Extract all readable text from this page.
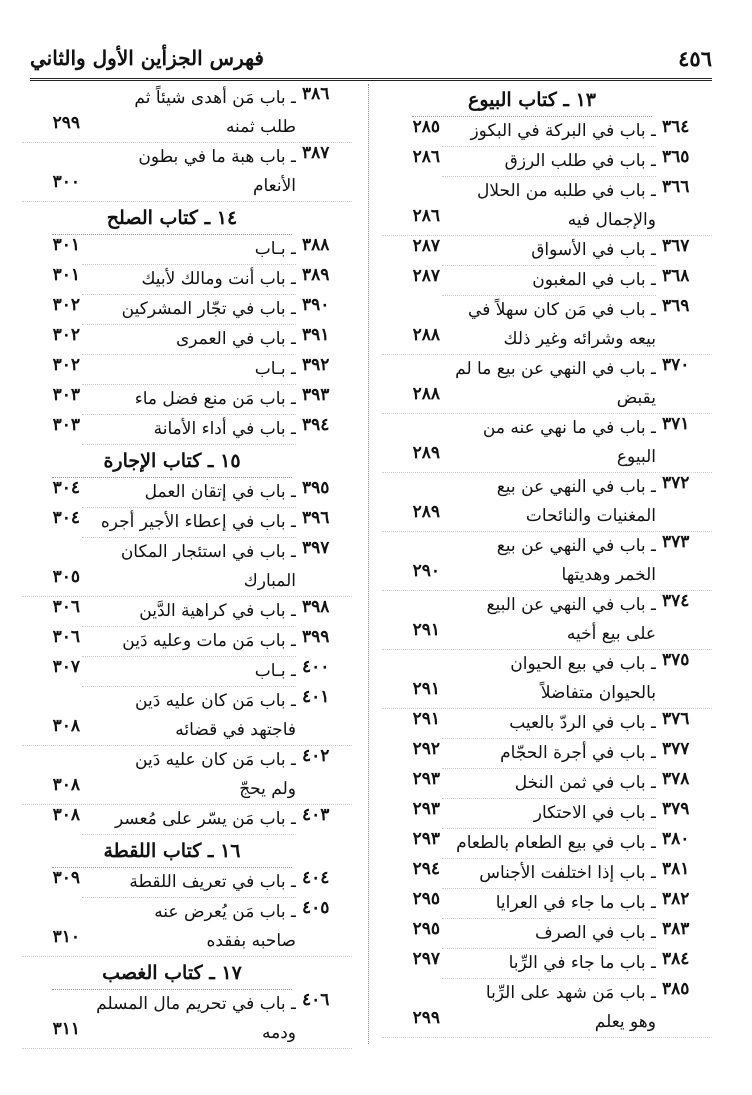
٤٥٦
فهرس الجزأين الأول والثاني
١٣ ـ كتاب البيوع
٣٦٤
ـ باب في البركة في البكوز
٢٨٥
٣٦٥
ـ باب في طلب الرزق
٢٨٦
٣٦٦
ـ باب في طلبه من الحلال
والإجمال فيه
٢٨٦
٣٦٧
ـ باب في الأسواق
٢٨٧
٣٦٨
ـ باب في المغبون
٢٨٧
٣٦٩
ـ باب في مَن كان سهلاً في
بيعه وشرائه وغير ذلك
٢٨٨
٣٧٠
ـ باب في النهي عن بيع ما لم
يقبض
٢٨٨
٣٧١
ـ باب في ما نهي عنه من
البيوع
٢٨٩
٣٧٢
ـ باب في النهي عن بيع
المغنيات والنائحات
٢٨٩
٣٧٣
ـ باب في النهي عن بيع
الخمر وهديتها
٢٩٠
٣٧٤
ـ باب في النهي عن البيع
على بيع أخيه
٢٩١
٣٧٥
ـ باب في بيع الحيوان
بالحيوان متفاضلاً
٢٩١
٣٧٦
ـ باب في الردّ بالعيب
٢٩١
٣٧٧
ـ باب في أجرة الحجّام
٢٩٢
٣٧٨
ـ باب في ثمن النخل
٢٩٣
٣٧٩
ـ باب في الاحتكار
٢٩٣
٣٨٠
ـ باب في بيع الطعام بالطعام
٢٩٣
٣٨١
ـ باب إذا اختلفت الأجناس
٢٩٤
٣٨٢
ـ باب ما جاء في العرايا
٢٩٥
٣٨٣
ـ باب في الصرف
٢٩٥
٣٨٤
ـ باب ما جاء في الرِّبا
٢٩٧
٣٨٥
ـ باب مَن شهد على الرِّبا
وهو يعلم
٢٩٩
٣٨٦
ـ باب مَن أهدى شيئاً ثم
طلب ثمنه
٢٩٩
٣٨٧
ـ باب هبة ما في بطون
الأنعام
٣٠٠
١٤ ـ كتاب الصلح
٣٨٨
ـ بـاب
٣٠١
٣٨٩
ـ باب أنت ومالك لأبيك
٣٠١
٣٩٠
ـ باب في تجّار المشركين
٣٠٢
٣٩١
ـ باب في العمرى
٣٠٢
٣٩٢
ـ بـاب
٣٠٢
٣٩٣
ـ باب مَن منع فضل ماء
٣٠٣
٣٩٤
ـ باب في أداء الأمانة
٣٠٣
١٥ ـ كتاب الإجارة
٣٩٥
ـ باب في إتقان العمل
٣٠٤
٣٩٦
ـ باب في إعطاء الأجير أجره
٣٠٤
٣٩٧
ـ باب في استئجار المكان
المبارك
٣٠٥
٣٩٨
ـ باب في كراهية الدَّين
٣٠٦
٣٩٩
ـ باب مَن مات وعليه دَين
٣٠٦
٤٠٠
ـ بـاب
٣٠٧
٤٠١
ـ باب مَن كان عليه دَين
فاجتهد في قضائه
٣٠٨
٤٠٢
ـ باب مَن كان عليه دَين
ولم يحجّ
٣٠٨
٤٠٣
ـ باب مَن يسّر على مُعسر
٣٠٨
١٦ ـ كتاب اللقطة
٤٠٤
ـ باب في تعريف اللقطة
٣٠٩
٤٠٥
ـ باب مَن يُعرض عنه
صاحبه بفقده
٣١٠
١٧ ـ كتاب الغصب
٤٠٦
ـ باب في تحريم مال المسلم
ودمه
٣١١
